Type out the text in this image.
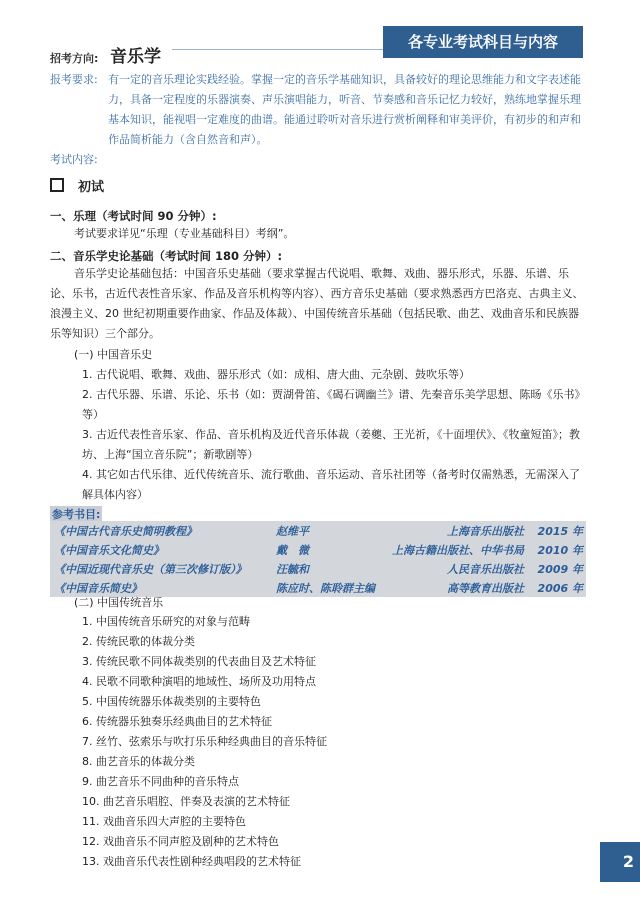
各专业考试科目与内容
招考方向: 音乐学
报考要求: 有一定的音乐理论实践经验。掌握一定的音乐学基础知识，具备较好的理论思维能力和文字表述能力，具备一定程度的乐器演奏、声乐演唱能力，听音、节奏感和音乐记忆力较好，熟练地掌握乐理基本知识，能视唱一定难度的曲谱。能通过聆听对音乐进行赏析阐释和审美评价，有初步的和声和作品简析能力（含自然音和声）。
考试内容:
初试
一、乐理（考试时间 90 分钟）:
考试要求详见“乐理（专业基础科目）考纲”。
二、音乐学史论基础（考试时间 180 分钟）:
音乐学史论基础包括：中国音乐史基础（要求掌握古代说唱、歌舞、戏曲、器乐形式，乐器、乐谱、乐论、乐书，古近代表性音乐家、作品及音乐机构等内容）、西方音乐史基础（要求熟悉西方巴洛克、古典主义、浪漫主义、20 世纪初期重要作曲家、作品及体裁）、中国传统音乐基础（包括民歌、曲艺、戏曲音乐和民族器乐等知识）三个部分。
(一) 中国音乐史
1. 古代说唱、歌舞、戏曲、器乐形式（如：成相、唐大曲、元杂剧、鼓吹乐等）
2. 古代乐器、乐谱、乐论、乐书（如：贾湖骨笛、《碣石调幽兰》谱、先秦音乐美学思想、陈旸《乐书》等）
3. 古近代表性音乐家、作品、音乐机构及近代音乐体裁（姜夔、王光祈，《十面埋伏》、《牧童短笛》；教坊、上海“国立音乐院”；新歌剧等）
4. 其它如古代乐律、近代传统音乐、流行歌曲、音乐运动、音乐社团等（备考时仅需熟悉，无需深入了解具体内容）
参考书目:
《中国古代音乐史简明教程》	赵维平	上海音乐出版社 2015 年
《中国音乐文化简史》	戴　微	上海古籍出版社、中华书局 2010 年
《中国近现代音乐史（第三次修订版）》	汪毓和	人民音乐出版社 2009 年
《中国音乐简史》	陈应时、陈聆群主编	高等教育出版社 2006 年
(二) 中国传统音乐
1. 中国传统音乐研究的对象与范畴
2. 传统民歌的体裁分类
3. 传统民歌不同体裁类别的代表曲目及艺术特征
4. 民歌不同歌种演唱的地域性、场所及功用特点
5. 中国传统器乐体裁类别的主要特色
6. 传统器乐独奏乐经典曲目的艺术特征
7. 丝竹、弦索乐与吹打乐乐种经典曲目的音乐特征
8. 曲艺音乐的体裁分类
9. 曲艺音乐不同曲种的音乐特点
10. 曲艺音乐唱腔、伴奏及表演的艺术特征
11. 戏曲音乐四大声腔的主要特色
12. 戏曲音乐不同声腔及剧种的艺术特色
13. 戏曲音乐代表性剧种经典唱段的艺术特征	2
